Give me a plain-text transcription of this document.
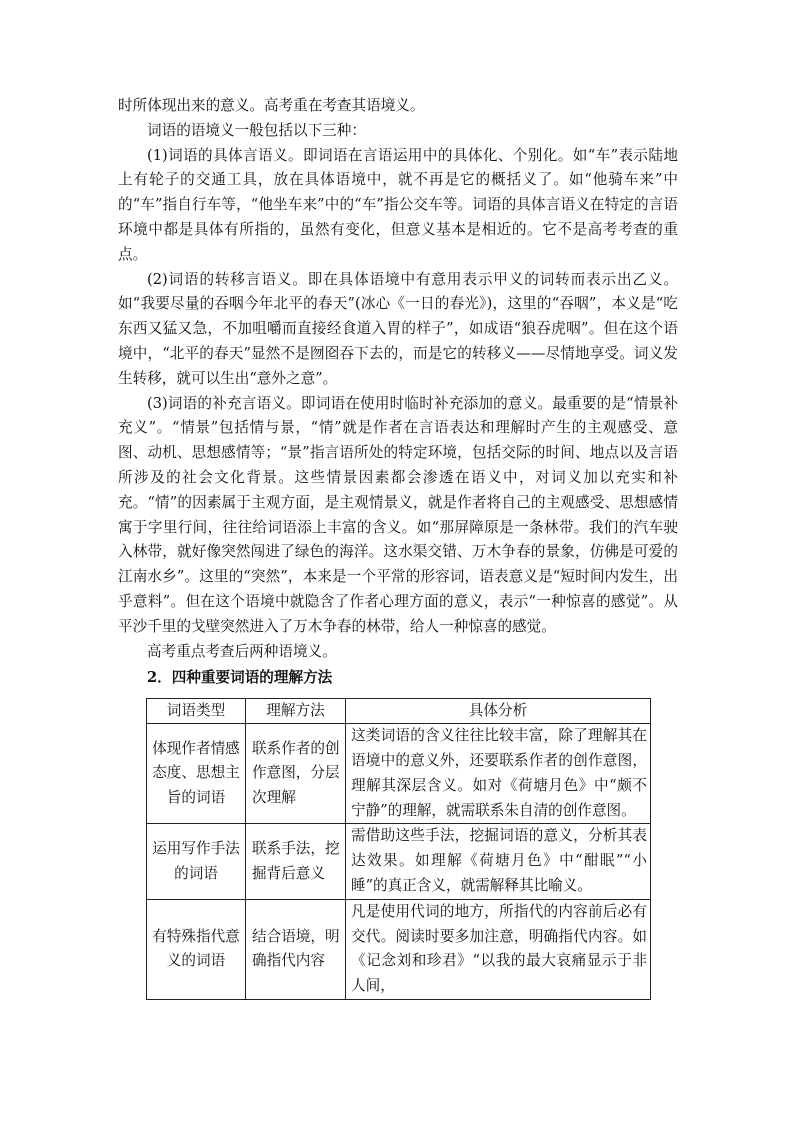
时所体现出来的意义。高考重在考查其语境义。

词语的语境义一般包括以下三种：

(1)词语的具体言语义。即词语在言语运用中的具体化、个别化。如“车”表示陆地上有轮子的交通工具，放在具体语境中，就不再是它的概括义了。如“他骑车来”中的“车”指自行车等，“他坐车来”中的“车”指公交车等。词语的具体言语义在特定的言语环境中都是具体有所指的，虽然有变化，但意义基本是相近的。它不是高考考查的重点。

(2)词语的转移言语义。即在具体语境中有意用表示甲义的词转而表示出乙义。如“我要尽量的吞咽今年北平的春天”(冰心《一日的春光》)，这里的“吞咽”，本义是“吃东西又猛又急，不加咀嚼而直接经食道入胃的样子”，如成语“狼吞虎咽”。但在这个语境中，“北平的春天”显然不是囫囵吞下去的，而是它的转移义——尽情地享受。词义发生转移，就可以生出“意外之意”。

(3)词语的补充言语义。即词语在使用时临时补充添加的意义。最重要的是“情景补充义”。“情景”包括情与景，“情”就是作者在言语表达和理解时产生的主观感受、意图、动机、思想感情等；“景”指言语所处的特定环境，包括交际的时间、地点以及言语所涉及的社会文化背景。这些情景因素都会渗透在语义中，对词义加以充实和补充。“情”的因素属于主观方面，是主观情景义，就是作者将自己的主观感受、思想感情寓于字里行间，往往给词语添上丰富的含义。如“那屏障原是一条林带。我们的汽车驶入林带，就好像突然闯进了绿色的海洋。这水渠交错、万木争春的景象，仿佛是可爱的江南水乡”。这里的“突然”，本来是一个平常的形容词，语表意义是“短时间内发生，出乎意料”。但在这个语境中就隐含了作者心理方面的意义，表示“一种惊喜的感觉”。从平沙千里的戈壁突然进入了万木争春的林带，给人一种惊喜的感觉。

高考重点考查后两种语境义。

2．四种重要词语的理解方法

词语类型	理解方法	具体分析
体现作者情感态度、思想主旨的词语	联系作者的创作意图，分层次理解	这类词语的含义往往比较丰富，除了理解其在语境中的意义外，还要联系作者的创作意图，理解其深层含义。如对《荷塘月色》中“颇不宁静”的理解，就需联系朱自清的创作意图。
运用写作手法的词语	联系手法，挖掘背后意义	需借助这些手法，挖掘词语的意义，分析其表达效果。如理解《荷塘月色》中“酣眠”“小睡”的真正含义，就需解释其比喻义。
有特殊指代意义的词语	结合语境，明确指代内容	凡是使用代词的地方，所指代的内容前后必有交代。阅读时要多加注意，明确指代内容。如《记念刘和珍君》“以我的最大哀痛显示于非人间，
